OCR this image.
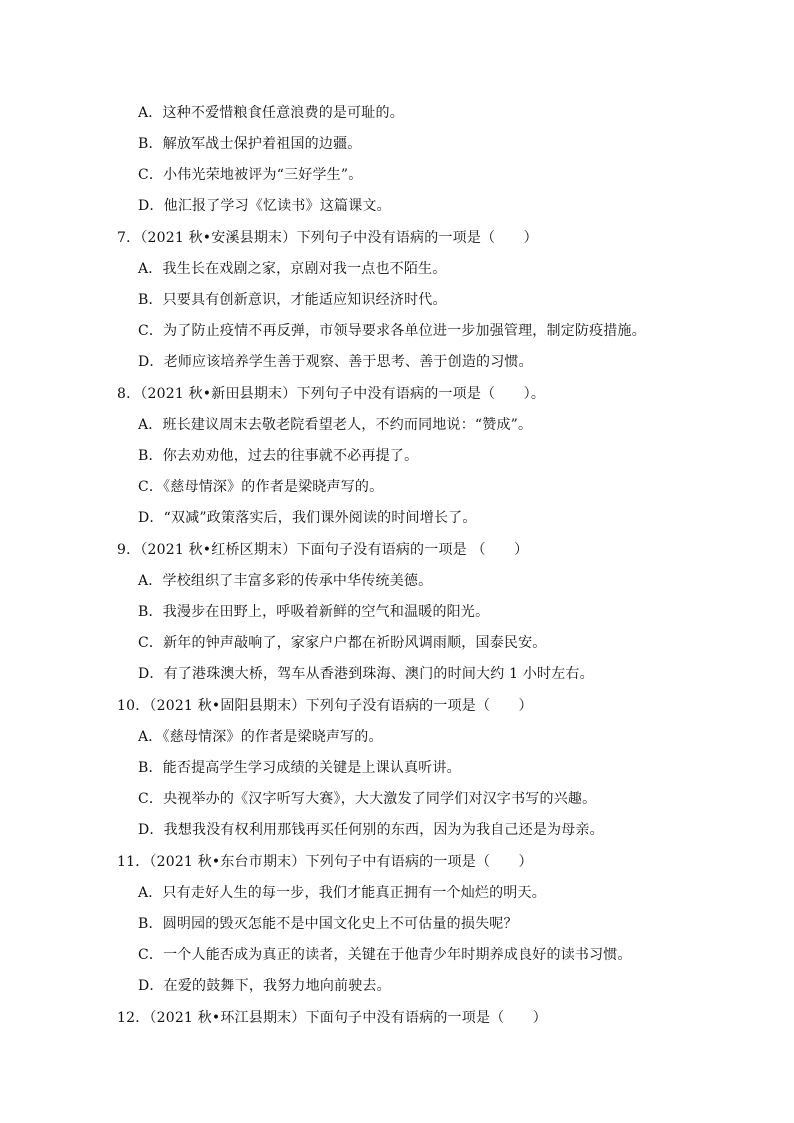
A．这种不爱惜粮食任意浪费的是可耻的。
B．解放军战士保护着祖国的边疆。
C．小伟光荣地被评为“三好学生”。
D．他汇报了学习《忆读书》这篇课文。
7．（2021 秋•安溪县期末）下列句子中没有语病的一项是（　　）
A．我生长在戏剧之家，京剧对我一点也不陌生。
B．只要具有创新意识，才能适应知识经济时代。
C．为了防止疫情不再反弹，市领导要求各单位进一步加强管理，制定防疫措施。
D．老师应该培养学生善于观察、善于思考、善于创造的习惯。
8．（2021 秋•新田县期末）下列句子中没有语病的一项是（　　）。
A．班长建议周末去敬老院看望老人，不约而同地说：“赞成”。
B．你去劝劝他，过去的往事就不必再提了。
C．《慈母情深》的作者是梁晓声写的。
D．“双减”政策落实后，我们课外阅读的时间增长了。
9．（2021 秋•红桥区期末）下面句子没有语病的一项是 （　　）
A．学校组织了丰富多彩的传承中华传统美德。
B．我漫步在田野上，呼吸着新鲜的空气和温暖的阳光。
C．新年的钟声敲响了，家家户户都在祈盼风调雨顺，国泰民安。
D．有了港珠澳大桥，驾车从香港到珠海、澳门的时间大约 1 小时左右。
10．（2021 秋•固阳县期末）下列句子没有语病的一项是（　　）
A．《慈母情深》的作者是梁晓声写的。
B．能否提高学生学习成绩的关键是上课认真听讲。
C．央视举办的《汉字听写大赛》，大大激发了同学们对汉字书写的兴趣。
D．我想我没有权利用那钱再买任何别的东西，因为为我自己还是为母亲。
11．（2021 秋•东台市期末）下列句子中有语病的一项是（　　）
A．只有走好人生的每一步，我们才能真正拥有一个灿烂的明天。
B．圆明园的毁灭怎能不是中国文化史上不可估量的损失呢？
C．一个人能否成为真正的读者，关键在于他青少年时期养成良好的读书习惯。
D．在爱的鼓舞下，我努力地向前驶去。
12．（2021 秋•环江县期末）下面句子中没有语病的一项是（　　）
